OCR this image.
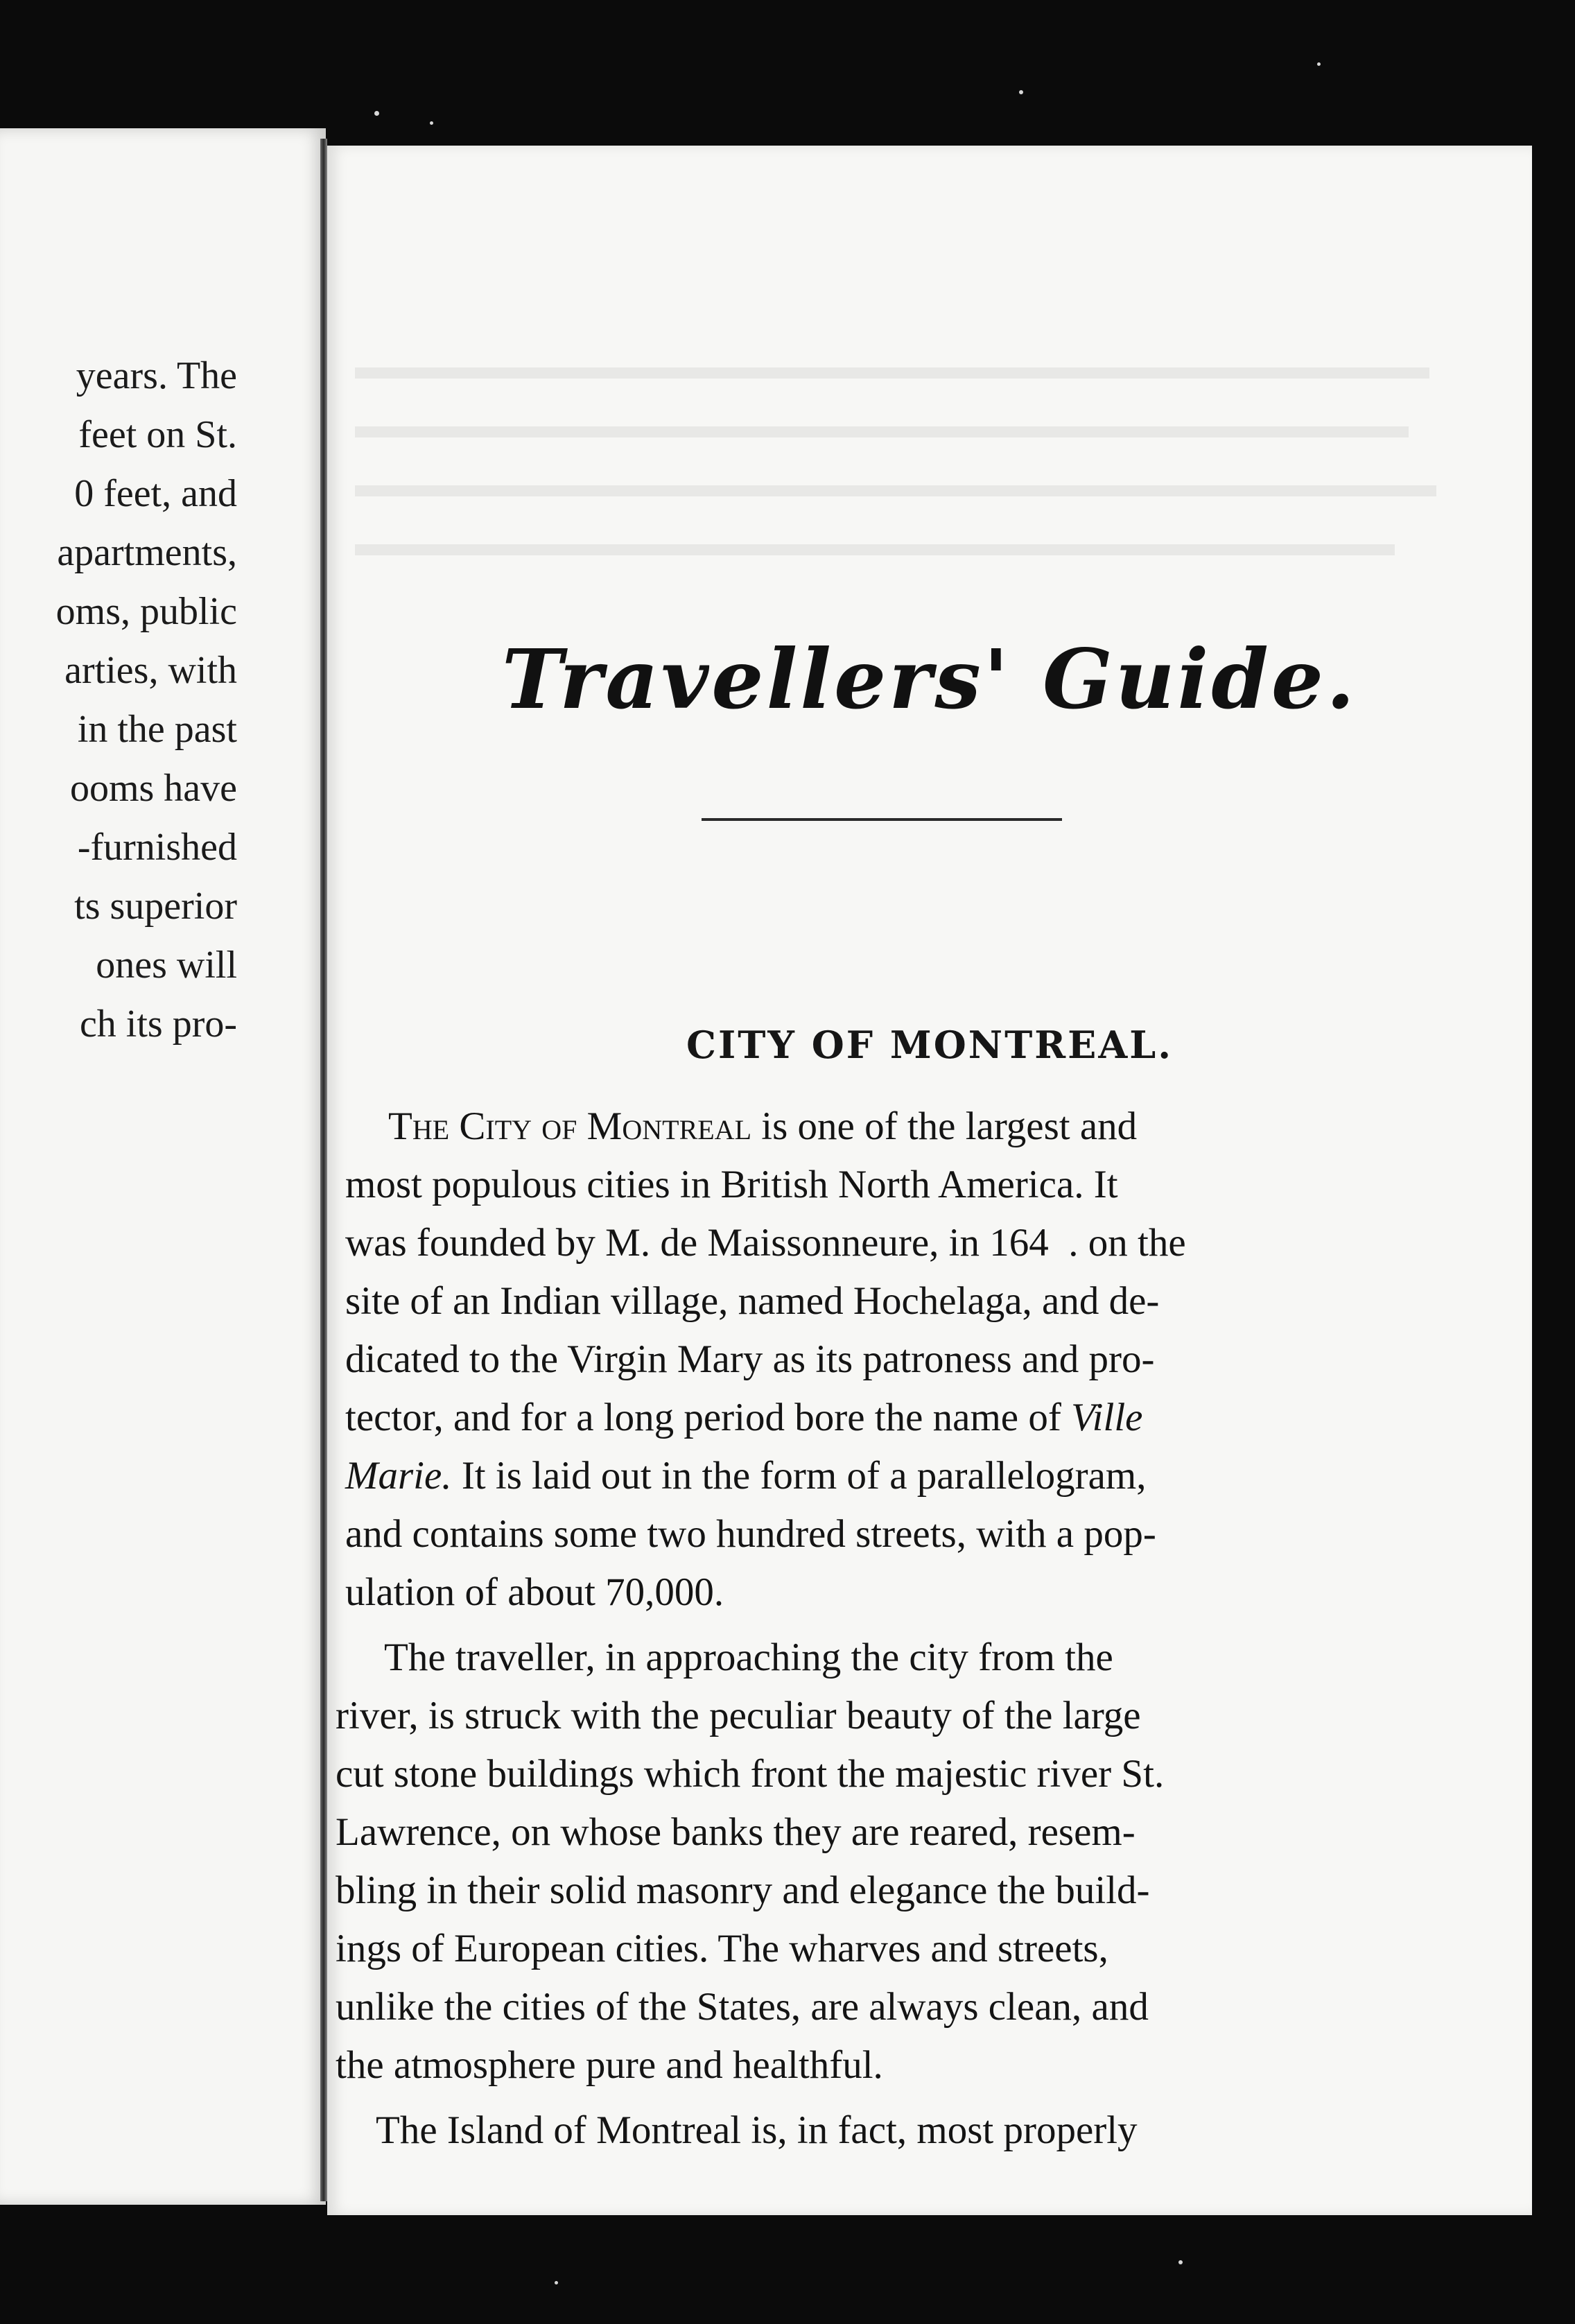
years. The

feet on St.

0 feet, and

apartments,

oms, public

arties, with

in the past

ooms have

-furnished

ts superior

ones will

ch its pro-

Travellers' Guide.
CITY OF MONTREAL.

The City of Montreal is one of the largest and

most populous cities in British North America. It

was founded by M. de Maissonneure, in 164 . on the

site of an Indian village, named Hochelaga, and de-

dicated to the Virgin Mary as its patroness and pro-

tector, and for a long period bore the name of Ville

Marie. It is laid out in the form of a parallelogram,

and contains some two hundred streets, with a pop-

ulation of about 70,000.

The traveller, in approaching the city from the

river, is struck with the peculiar beauty of the large

cut stone buildings which front the majestic river St.

Lawrence, on whose banks they are reared, resem-

bling in their solid masonry and elegance the build-

ings of European cities. The wharves and streets,

unlike the cities of the States, are always clean, and

the atmosphere pure and healthful.

The Island of Montreal is, in fact, most properly
